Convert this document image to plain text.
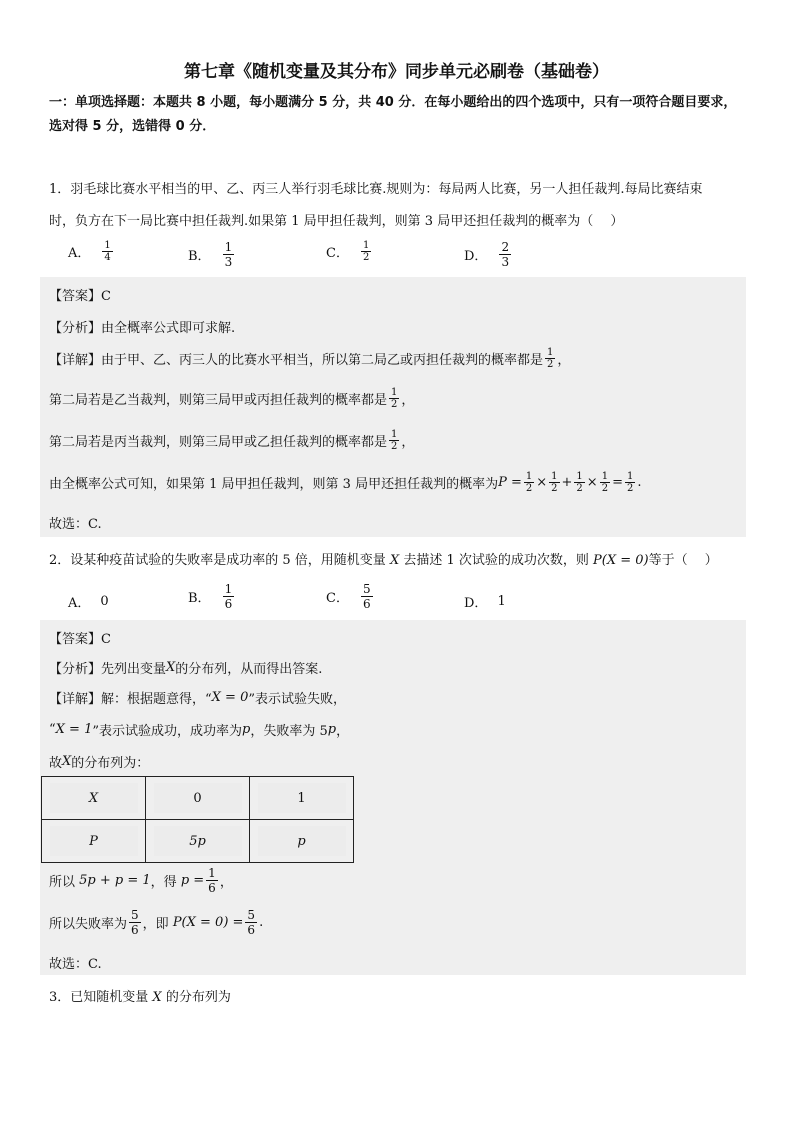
第七章《随机变量及其分布》同步单元必刷卷（基础卷）
一：单项选择题：本题共 8 小题，每小题满分 5 分，共 40 分．在每小题给出的四个选项中，只有一项符合题目要求，选对得 5 分，选错得 0 分．
1．羽毛球比赛水平相当的甲、乙、丙三人举行羽毛球比赛.规则为：每局两人比赛，另一人担任裁判.每局比赛结束
时，负方在下一局比赛中担任裁判.如果第 1 局甲担任裁判，则第 3 局甲还担任裁判的概率为（　 ）
A． $\frac{1}{4}$	B． $\frac{1}{3}$	C． $\frac{1}{2}$	D． $\frac{2}{3}$
【答案】C
【分析】由全概率公式即可求解.
【详解】由于甲、乙、丙三人的比赛水平相当，所以第二局乙或丙担任裁判的概率都是 $\frac{1}{2}$ ，
第二局若是乙当裁判，则第三局甲或丙担任裁判的概率都是 $\frac{1}{2}$ ，
第二局若是丙当裁判，则第三局甲或乙担任裁判的概率都是 $\frac{1}{2}$ ，
由全概率公式可知，如果第 1 局甲担任裁判，则第 3 局甲还担任裁判的概率为 $P = \frac{1}{2} \times \frac{1}{2} + \frac{1}{2} \times \frac{1}{2} = \frac{1}{2}$ .
故选：C.
2．设某种疫苗试验的失败率是成功率的 5 倍，用随机变量
X
去描述 1 次试验的成功次数，则
P(X = 0) 等于（　 ）
A． 0	B． $\frac{1}{6}$	C． $\frac{5}{6}$	D． 1
【答案】C
【分析】先列出变量 X 的分布列，从而得出答案.
【详解】解：根据题意得，“ X = 0 ”表示试验失败，
“ X = 1 ”表示试验成功，成功率为 p ，失败率为 5 p ，
故 X 的分布列为：
X	0	1

P	5p	p
所以
5p + p = 1 ，得
$p = \frac{1}{6}$ ，
所以失败率为 $\frac{5}{6}$ ，即
$P(X = 0) = \frac{5}{6}$ .
故选：C.
3．已知随机变量
X
的分布列为
